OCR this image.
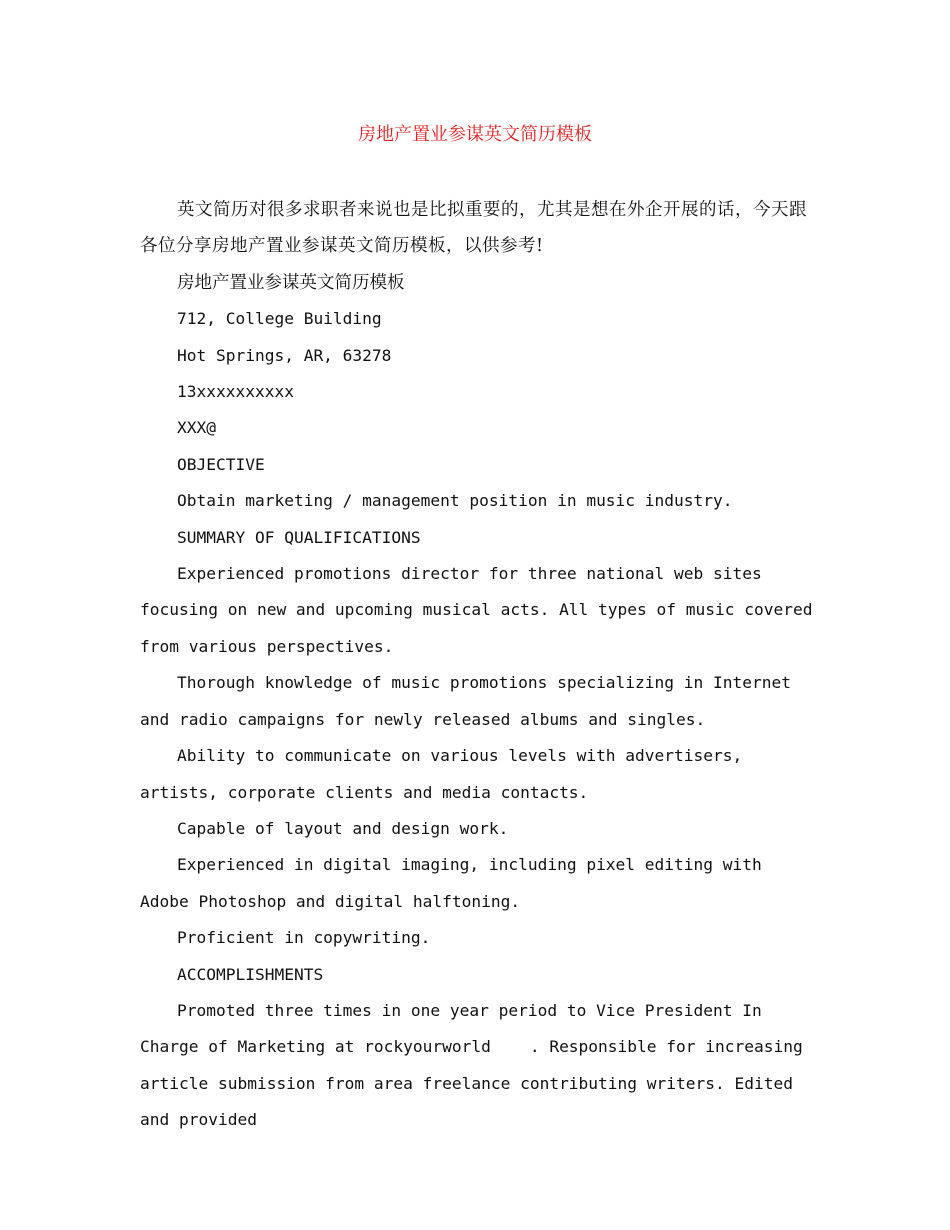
房地产置业参谋英文简历模板

英文简历对很多求职者来说也是比拟重要的，尤其是想在外企开展的话，今天跟各位分享房地产置业参谋英文简历模板，以供参考!

房地产置业参谋英文简历模板

712, College Building

Hot Springs, AR, 63278

13xxxxxxxxxx

XXX@

OBJECTIVE

Obtain marketing / management position in music industry.

SUMMARY OF QUALIFICATIONS

Experienced promotions director for three national web sites focusing on new and upcoming musical acts. All types of music covered from various perspectives.

Thorough knowledge of music promotions specializing in Internet and radio campaigns for newly released albums and singles.

Ability to communicate on various levels with advertisers, artists, corporate clients and media contacts.

Capable of layout and design work.

Experienced in digital imaging, including pixel editing with Adobe Photoshop and digital halftoning.

Proficient in copywriting.

ACCOMPLISHMENTS

Promoted three times in one year period to Vice President In Charge of Marketing at rockyourworld    . Responsible for increasing article submission from area freelance contributing writers. Edited and provided
